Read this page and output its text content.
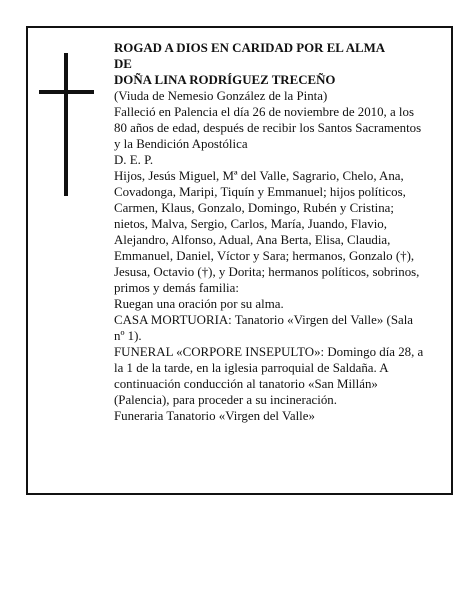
ROGAD A DIOS EN CARIDAD POR EL ALMA

DE

DOÑA LINA RODRÍGUEZ TRECEÑO

(Viuda de Nemesio González de la Pinta)

Falleció en Palencia el día 26 de noviembre de 2010, a los 80 años de edad, después de recibir los Santos Sacramentos y la Bendición Apostólica

D. E. P.

Hijos, Jesús Miguel, Mª del Valle, Sagrario, Chelo, Ana, Covadonga, Maripi, Tiquín y Emmanuel; hijos políticos, Carmen, Klaus, Gonzalo, Domingo, Rubén y Cristina; nietos, Malva, Sergio, Carlos, María, Juando, Flavio, Alejandro, Alfonso, Adual, Ana Berta, Elisa, Claudia, Emmanuel, Daniel, Víctor y Sara; hermanos, Gonzalo (†), Jesusa, Octavio (†), y Dorita; hermanos políticos, sobrinos, primos y demás familia:

Ruegan una oración por su alma.

CASA MORTUORIA: Tanatorio «Virgen del Valle» (Sala nº 1).

FUNERAL «CORPORE INSEPULTO»: Domingo día 28, a la 1 de la tarde, en la iglesia parroquial de Saldaña. A continuación conducción al tanatorio «San Millán» (Palencia), para proceder a su incineración.

Funeraria Tanatorio «Virgen del Valle»
